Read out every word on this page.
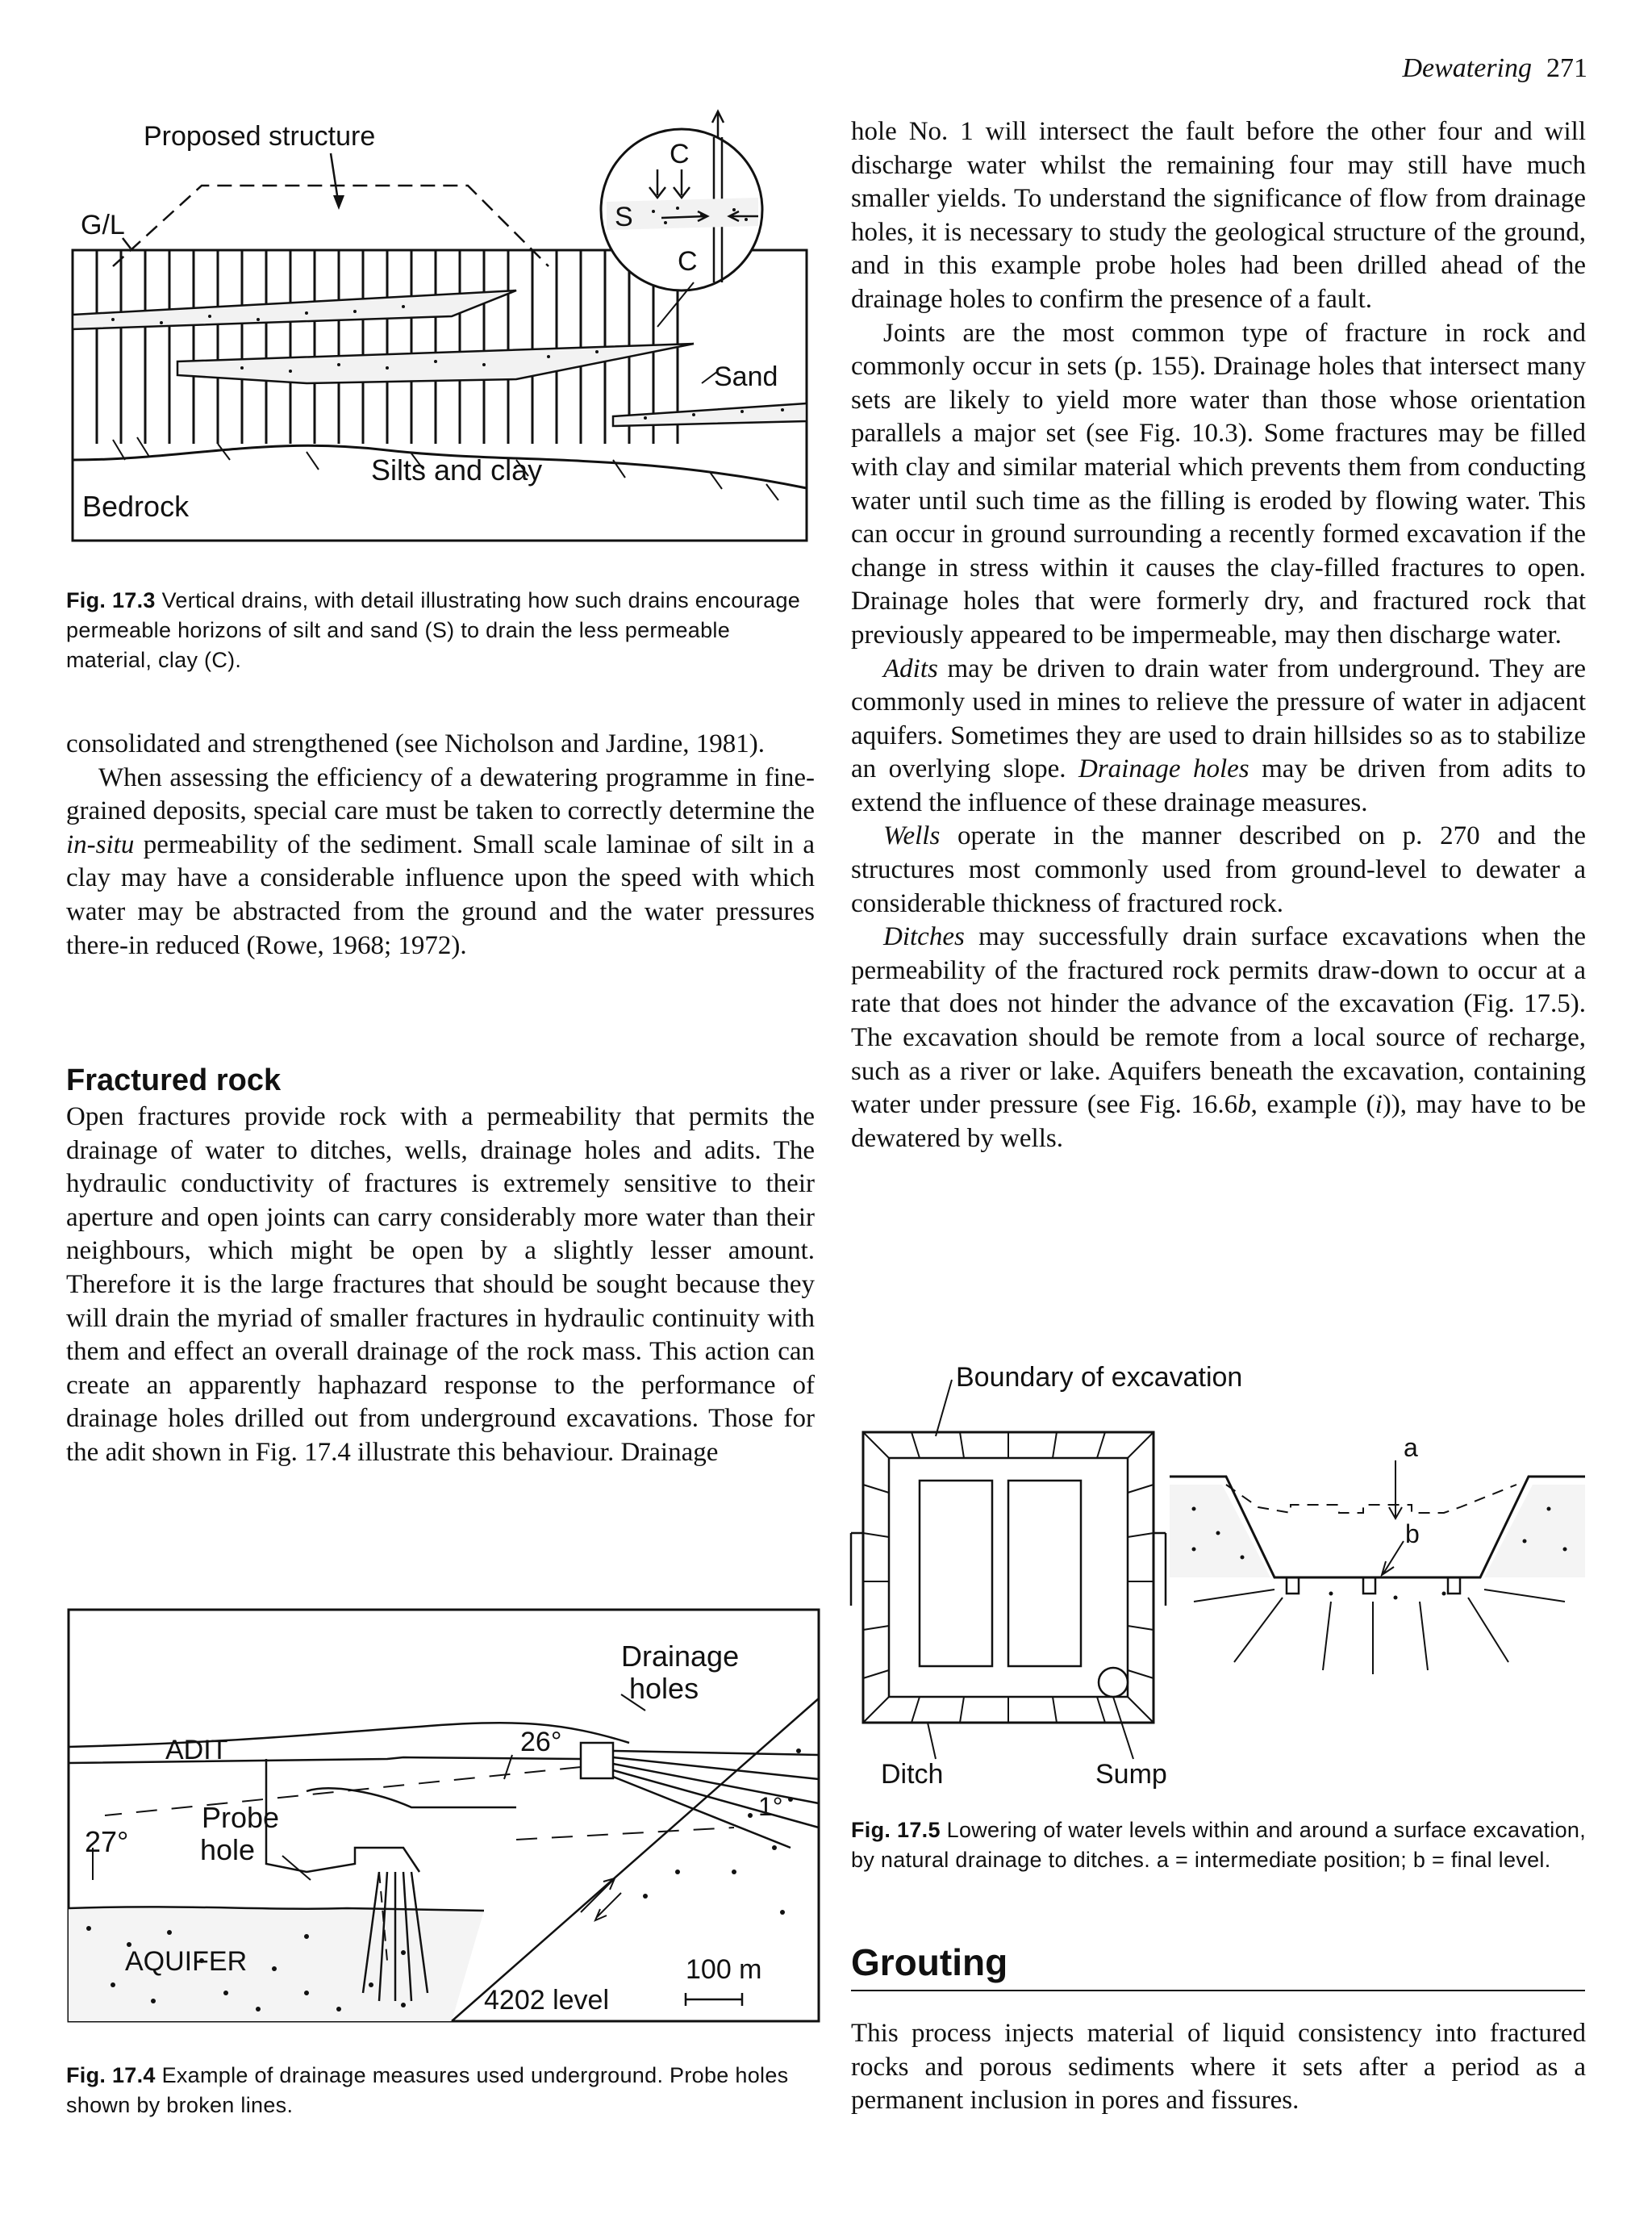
Dewatering 271
Proposed structure
G/L
C
S
C
Sand
Silts and clay
Bedrock
Fig. 17.3 Vertical drains, with detail illustrating how such drains encourage permeable horizons of silt and sand (S) to drain the less permeable material, clay (C).

consolidated and strengthened (see Nicholson and Jardine, 1981).

When assessing the efficiency of a dewatering programme in fine-grained deposits, special care must be taken to correctly determine the in-situ permeability of the sediment. Small scale laminae of silt in a clay may have a considerable influence upon the speed with which water may be abstracted from the ground and the water pressures there-in reduced (Rowe, 1968; 1972).

Fractured rock

Open fractures provide rock with a permeability that permits the drainage of water to ditches, wells, drainage holes and adits. The hydraulic conductivity of fractures is extremely sensitive to their aperture and open joints can carry considerably more water than their neighbours, which might be open by a slightly lesser amount. Therefore it is the large fractures that should be sought because they will drain the myriad of smaller fractures in hydraulic continuity with them and effect an overall drainage of the rock mass. This action can create an apparently haphazard response to the performance of drainage holes drilled out from underground excavations. Those for the adit shown in Fig. 17.4 illustrate this behaviour. Drainage

Drainage
holes
ADIT	26°
27°
Probe
hole
1°
AQUIFER	100 m
4202 level
Fig. 17.4 Example of drainage measures used underground. Probe holes shown by broken lines.

hole No. 1 will intersect the fault before the other four and will discharge water whilst the remaining four may still have much smaller yields. To understand the significance of flow from drainage holes, it is necessary to study the geological structure of the ground, and in this example probe holes had been drilled ahead of the drainage holes to confirm the presence of a fault.

Joints are the most common type of fracture in rock and commonly occur in sets (p. 155). Drainage holes that intersect many sets are likely to yield more water than those whose orientation parallels a major set (see Fig. 10.3). Some fractures may be filled with clay and similar material which prevents them from conducting water until such time as the filling is eroded by flowing water. This can occur in ground surrounding a recently formed excavation if the change in stress within it causes the clay-filled fractures to open. Drainage holes that were formerly dry, and fractured rock that previously appeared to be impermeable, may then discharge water.

Adits may be driven to drain water from underground. They are commonly used in mines to relieve the pressure of water in adjacent aquifers. Sometimes they are used to drain hillsides so as to stabilize an overlying slope. Drainage holes may be driven from adits to extend the influence of these drainage measures.

Wells operate in the manner described on p. 270 and the structures most commonly used from ground-level to dewater a considerable thickness of fractured rock.

Ditches may successfully drain surface excavations when the permeability of the fractured rock permits draw-down to occur at a rate that does not hinder the advance of the excavation (Fig. 17.5). The excavation should be remote from a local source of recharge, such as a river or lake. Aquifers beneath the excavation, containing water under pressure (see Fig. 16.6b, example (i)), may have to be dewatered by wells.

Boundary of excavation
a
b
Ditch	Sump
Fig. 17.5 Lowering of water levels within and around a surface excavation, by natural drainage to ditches. a = intermediate position; b = final level.
Grouting

This process injects material of liquid consistency into fractured rocks and porous sediments where it sets after a period as a permanent inclusion in pores and fissures.
